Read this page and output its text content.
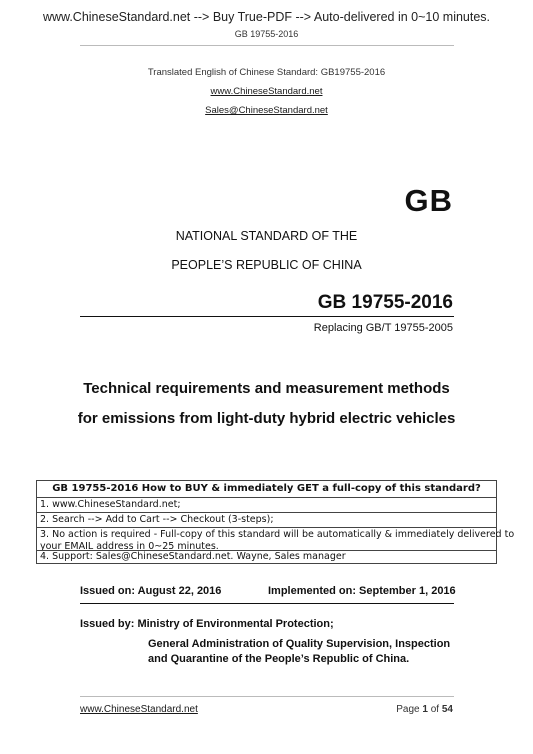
www.ChineseStandard.net --> Buy True-PDF --> Auto-delivered in 0~10 minutes.
GB 19755-2016
Translated English of Chinese Standard: GB19755-2016
www.ChineseStandard.net
Sales@ChineseStandard.net
GB
NATIONAL STANDARD OF THE
PEOPLE’S REPUBLIC OF CHINA
GB 19755-2016
Replacing GB/T 19755-2005
Technical requirements and measurement methods
for emissions from light-duty hybrid electric vehicles
GB 19755-2016 How to BUY & immediately GET a full-copy of this standard?
1. www.ChineseStandard.net;
2. Search --> Add to Cart --> Checkout (3-steps);
3. No action is required - Full-copy of this standard will be automatically & immediately delivered to
your EMAIL address in 0~25 minutes.
4. Support: Sales@ChineseStandard.net. Wayne, Sales manager
Issued on: August 22, 2016	Implemented on: September 1, 2016
Issued by: Ministry of Environmental Protection;
General Administration of Quality Supervision, Inspection and Quarantine of the People’s Republic of China.
www.ChineseStandard.net	Page 1 of 54
